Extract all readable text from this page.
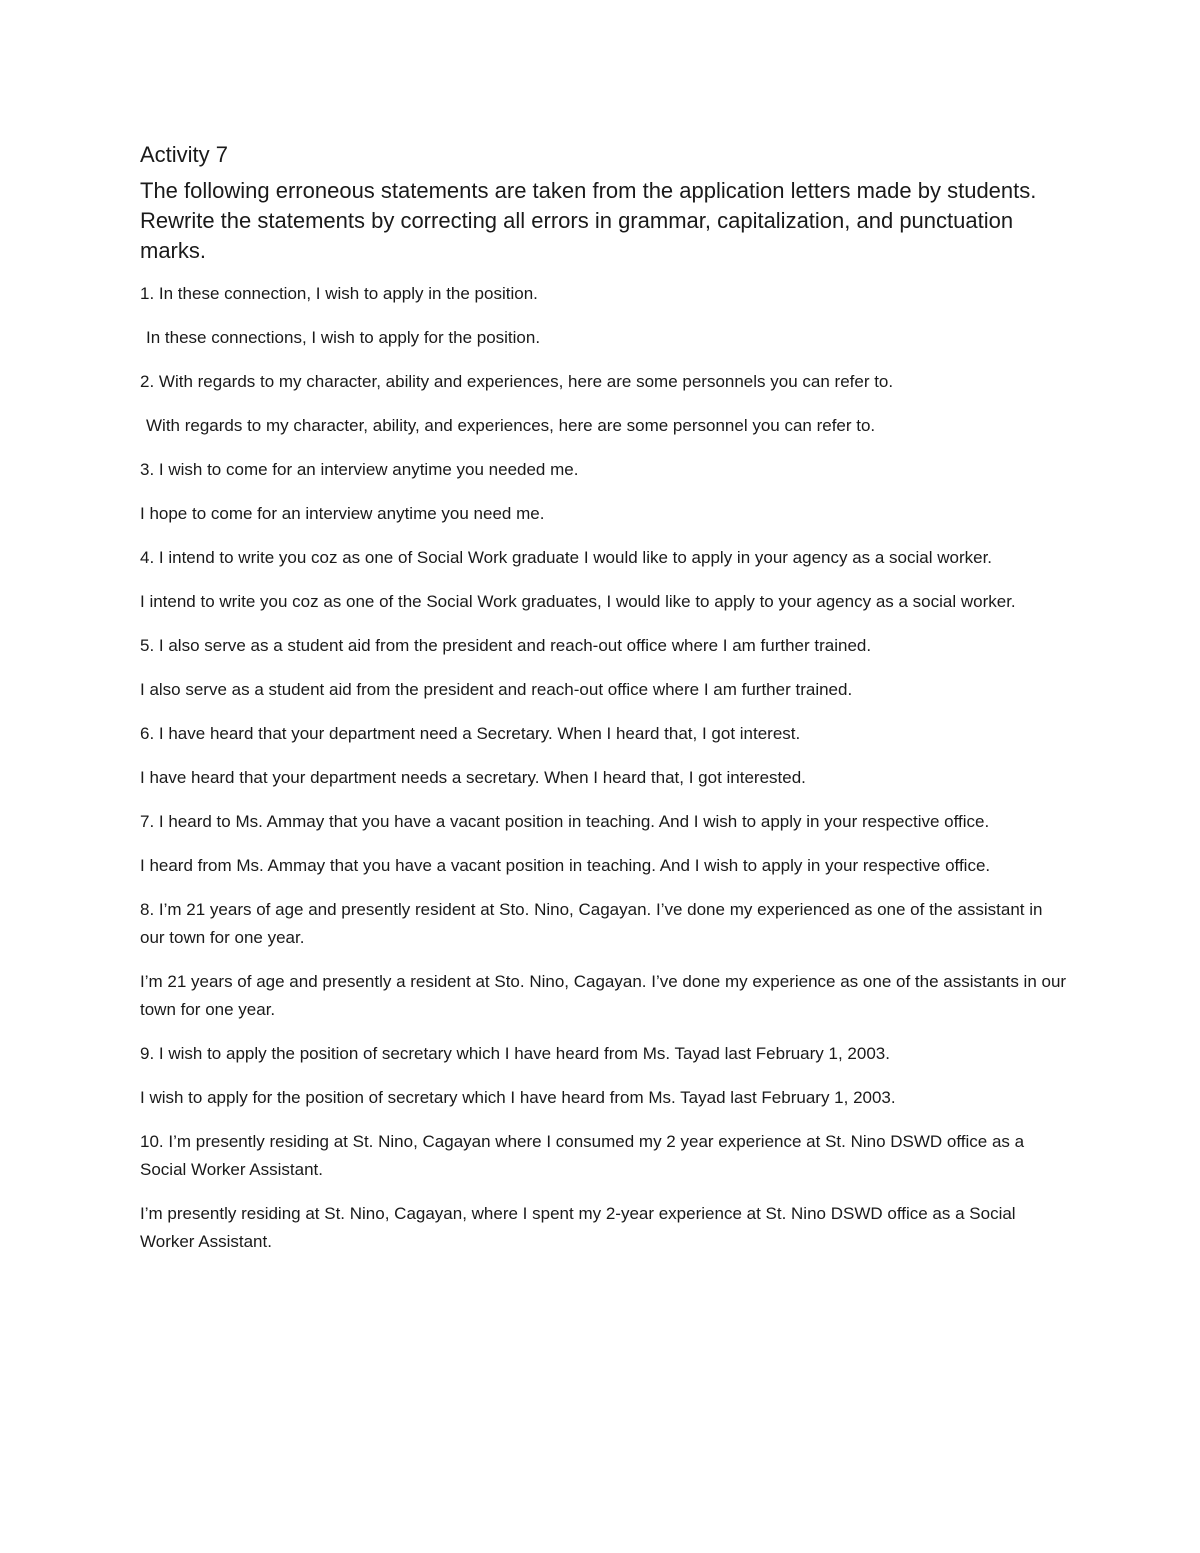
Activity 7

The following erroneous statements are taken from the application letters made by students. Rewrite the statements by correcting all errors in grammar, capitalization, and punctuation marks.

1. In these connection, I wish to apply in the position.

In these connections, I wish to apply for the position.

2. With regards to my character, ability and experiences, here are some personnels you can refer to.

With regards to my character, ability, and experiences, here are some personnel you can refer to.

3. I wish to come for an interview anytime you needed me.

I hope to come for an interview anytime you need me.

4. I intend to write you coz as one of Social Work graduate I would like to apply in your agency as a social worker.

I intend to write you coz as one of the Social Work graduates, I would like to apply to your agency as a social worker.

5. I also serve as a student aid from the president and reach-out office where I am further trained.

I also serve as a student aid from the president and reach-out office where I am further trained.

6. I have heard that your department need a Secretary. When I heard that, I got interest.

I have heard that your department needs a secretary. When I heard that, I got interested.

7. I heard to Ms. Ammay that you have a vacant position in teaching. And I wish to apply in your respective office.

I heard from Ms. Ammay that you have a vacant position in teaching. And I wish to apply in your respective office.

8. I’m 21 years of age and presently resident at Sto. Nino, Cagayan. I’ve done my experienced as one of the assistant in our town for one year.

I’m 21 years of age and presently a resident at Sto. Nino, Cagayan. I’ve done my experience as one of the assistants in our town for one year.

9. I wish to apply the position of secretary which I have heard from Ms. Tayad last February 1, 2003.

I wish to apply for the position of secretary which I have heard from Ms. Tayad last February 1, 2003.

10. I’m presently residing at St. Nino, Cagayan where I consumed my 2 year experience at St. Nino DSWD office as a Social Worker Assistant.

I’m presently residing at St. Nino, Cagayan, where I spent my 2-year experience at St. Nino DSWD office as a Social Worker Assistant.
